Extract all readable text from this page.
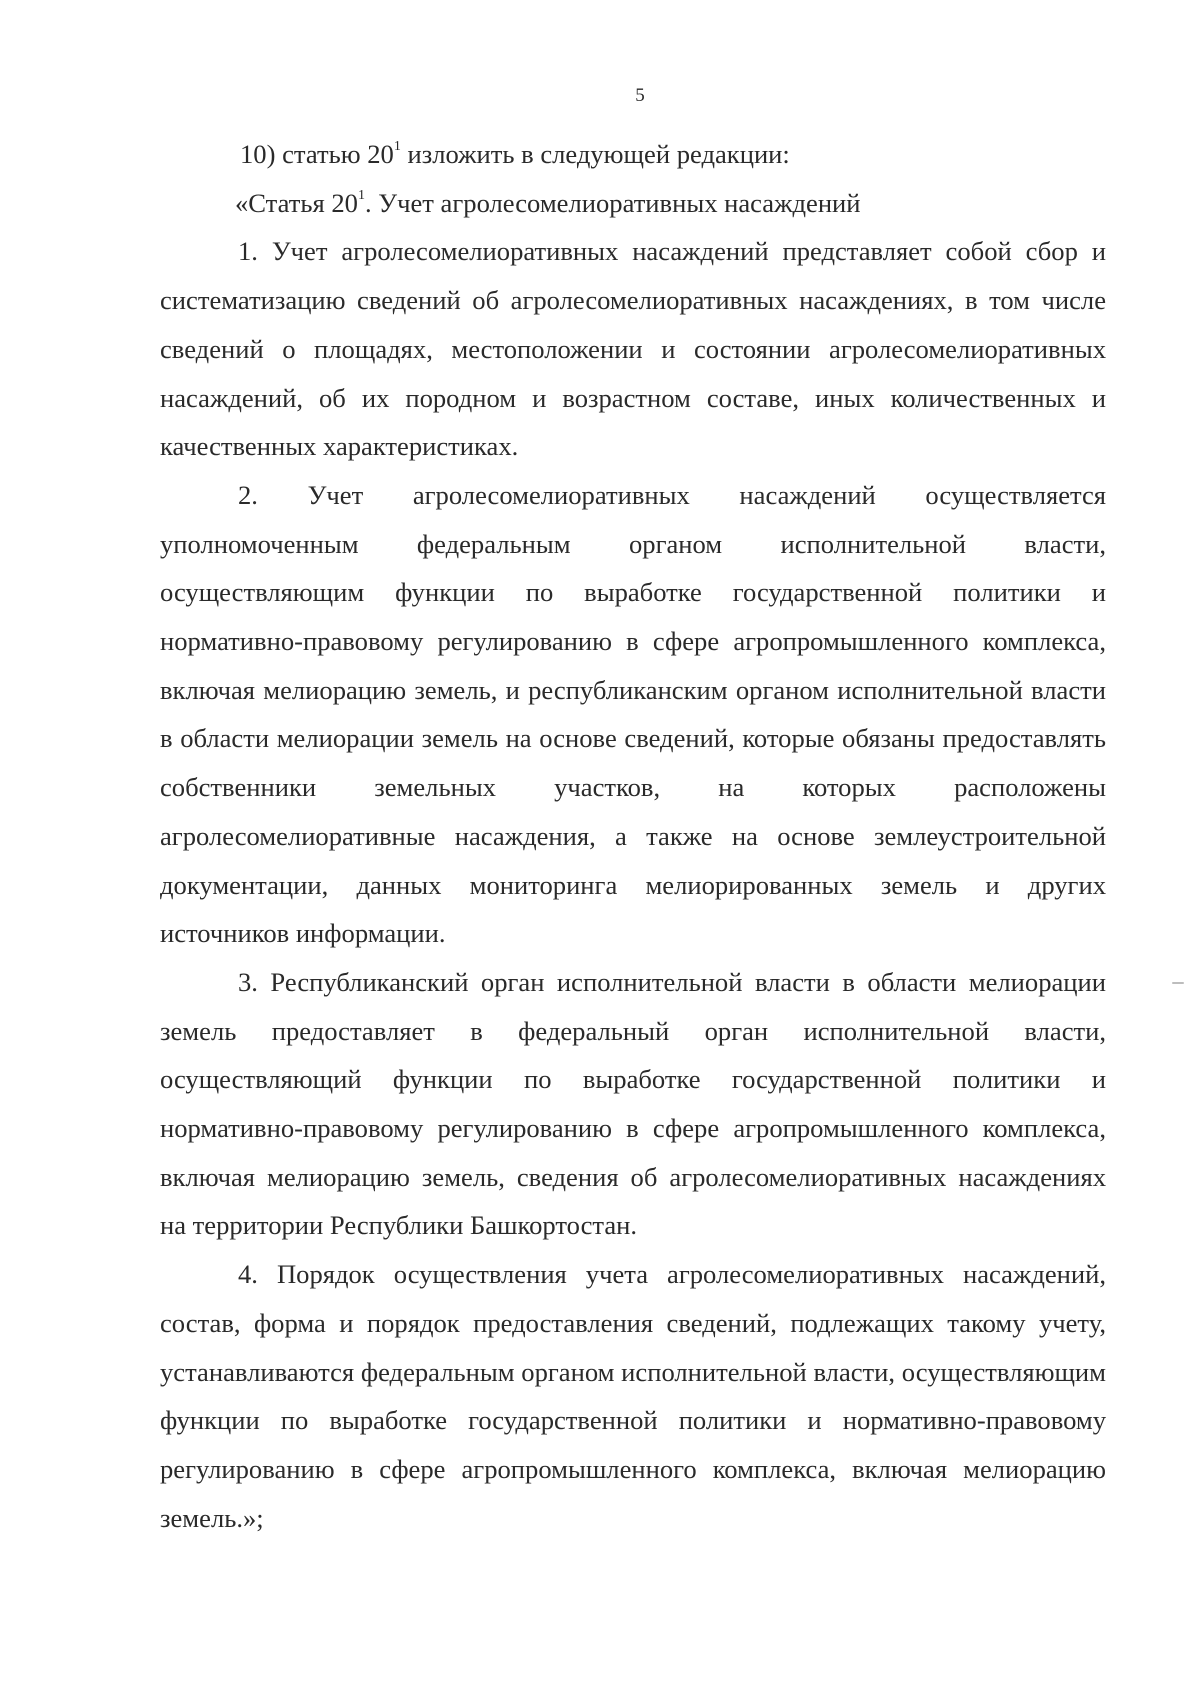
5

10) статью $20^1$ изложить в следующей редакции:

«Статья $20^1$. Учет агролесомелиоративных насаждений

1. Учет агролесомелиоративных насаждений представляет собой сбор и систематизацию сведений об агролесомелиоративных насаждениях, в том числе сведений о площадях, местоположении и состоянии агролесомелиоративных насаждений, об их породном и возрастном составе, иных количественных и качественных характеристиках.

2. Учет агролесомелиоративных насаждений осуществляется уполномоченным федеральным органом исполнительной власти, осуществляющим функции по выработке государственной политики и нормативно-правовому регулированию в сфере агропромышленного комплекса, включая мелиорацию земель, и республиканским органом исполнительной власти в области мелиорации земель на основе сведений, которые обязаны предоставлять собственники земельных участков, на которых расположены агролесомелиоративные насаждения, а также на основе землеустроительной документации, данных мониторинга мелиорированных земель и других источников информации.

3. Республиканский орган исполнительной власти в области мелиорации земель предоставляет в федеральный орган исполнительной власти, осуществляющий функции по выработке государственной политики и нормативно-правовому регулированию в сфере агропромышленного комплекса, включая мелиорацию земель, сведения об агролесомелиоративных насаждениях на территории Республики Башкортостан.

4. Порядок осуществления учета агролесомелиоративных насаждений, состав, форма и порядок предоставления сведений, подлежащих такому учету, устанавливаются федеральным органом исполнительной власти, осуществляющим функции по выработке государственной политики и нормативно-правовому регулированию в сфере агропромышленного комплекса, включая мелиорацию земель.»;
